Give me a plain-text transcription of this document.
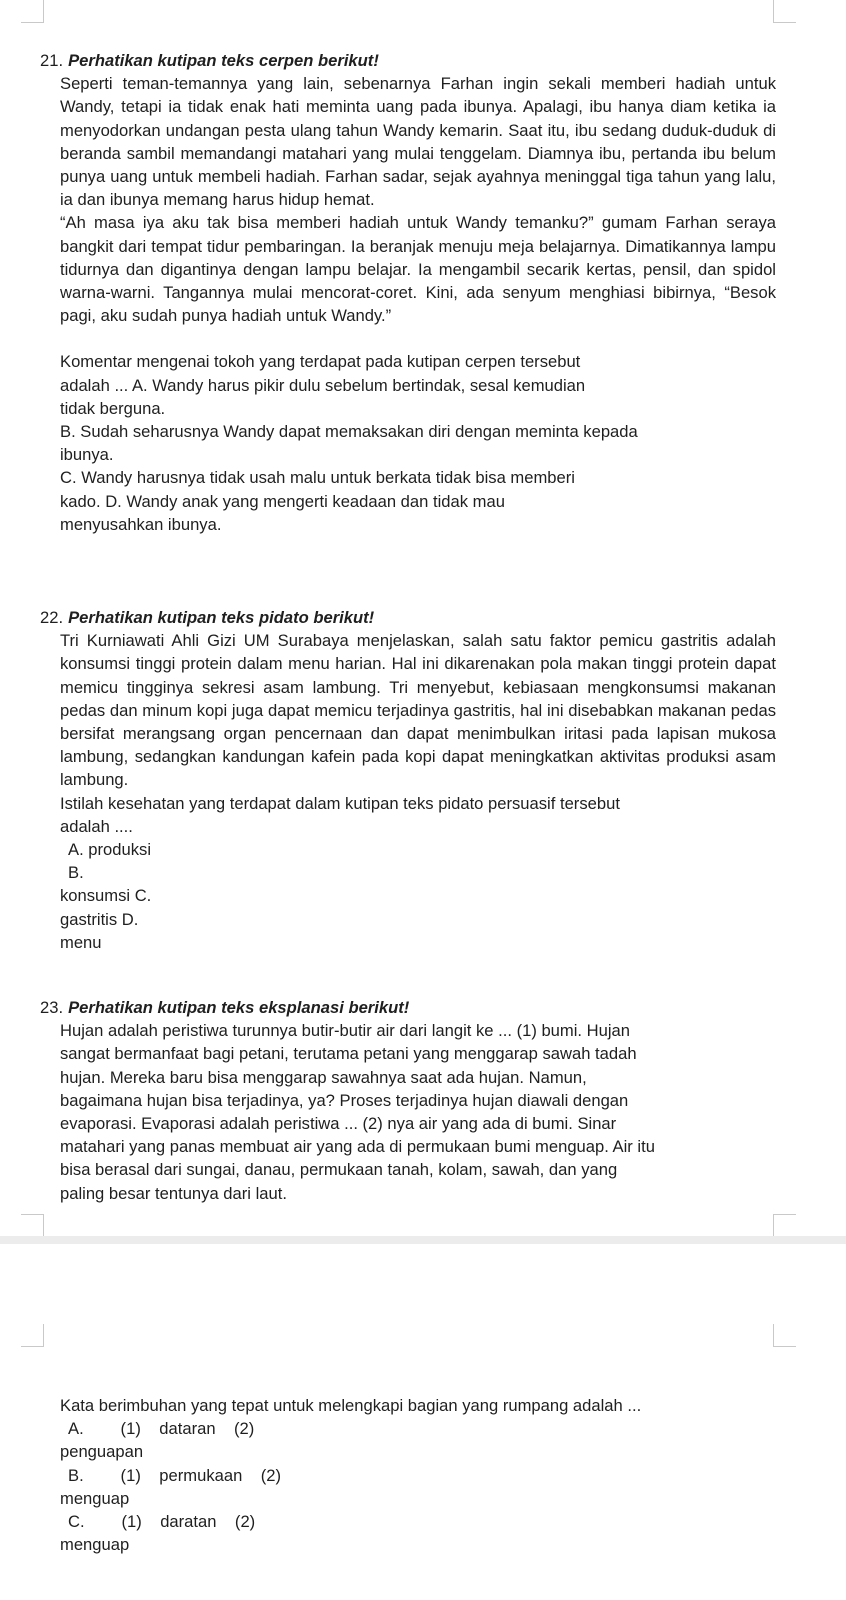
21. Perhatikan kutipan teks cerpen berikut!

Seperti teman-temannya yang lain, sebenarnya Farhan ingin sekali memberi hadiah untuk Wandy, tetapi ia tidak enak hati meminta uang pada ibunya. Apalagi, ibu hanya diam ketika ia menyodorkan undangan pesta ulang tahun Wandy kemarin. Saat itu, ibu sedang duduk-duduk di beranda sambil memandangi matahari yang mulai tenggelam. Diamnya ibu, pertanda ibu belum punya uang untuk membeli hadiah. Farhan sadar, sejak ayahnya meninggal tiga tahun yang lalu, ia dan ibunya memang harus hidup hemat.

“Ah masa iya aku tak bisa memberi hadiah untuk Wandy temanku?” gumam Farhan seraya bangkit dari tempat tidur pembaringan. Ia beranjak menuju meja belajarnya. Dimatikannya lampu tidurnya dan digantinya dengan lampu belajar. Ia mengambil secarik kertas, pensil, dan spidol warna-warni. Tangannya mulai mencorat-coret. Kini, ada senyum menghiasi bibirnya, “Besok pagi, aku sudah punya hadiah untuk Wandy.”

Komentar mengenai tokoh yang terdapat pada kutipan cerpen tersebut
adalah ... A. Wandy harus pikir dulu sebelum bertindak, sesal kemudian
tidak berguna.
B. Sudah seharusnya Wandy dapat memaksakan diri dengan meminta kepada
ibunya.
C. Wandy harusnya tidak usah malu untuk berkata tidak bisa memberi
kado. D. Wandy anak yang mengerti keadaan dan tidak mau
menyusahkan ibunya.
22. Perhatikan kutipan teks pidato berikut!

Tri Kurniawati Ahli Gizi UM Surabaya menjelaskan, salah satu faktor pemicu gastritis adalah konsumsi tinggi protein dalam menu harian. Hal ini dikarenakan pola makan tinggi protein dapat memicu tingginya sekresi asam lambung. Tri menyebut, kebiasaan mengkonsumsi makanan pedas dan minum kopi juga dapat memicu terjadinya gastritis, hal ini disebabkan makanan pedas bersifat merangsang organ pencernaan dan dapat menimbulkan iritasi pada lapisan mukosa lambung, sedangkan kandungan kafein pada kopi dapat meningkatkan aktivitas produksi asam lambung.

Istilah kesehatan yang terdapat dalam kutipan teks pidato persuasif tersebut
adalah ....
A. produksi
B.
konsumsi C.
gastritis D.
menu
23. Perhatikan kutipan teks eksplanasi berikut!
Hujan adalah peristiwa turunnya butir-butir air dari langit ke ... (1) bumi. Hujan
sangat bermanfaat bagi petani, terutama petani yang menggarap sawah tadah
hujan. Mereka baru bisa menggarap sawahnya saat ada hujan. Namun,
bagaimana hujan bisa terjadinya, ya? Proses terjadinya hujan diawali dengan
evaporasi. Evaporasi adalah peristiwa ... (2) nya air yang ada di bumi. Sinar
matahari yang panas membuat air yang ada di permukaan bumi menguap. Air itu
bisa berasal dari sungai, danau, permukaan tanah, kolam, sawah, dan yang
paling besar tentunya dari laut.

Kata berimbuhan yang tepat untuk melengkapi bagian yang rumpang adalah ...

A.        (1)    dataran    (2)
penguapan
B.        (1)    permukaan    (2)
menguap
C.        (1)    daratan    (2)
menguap
